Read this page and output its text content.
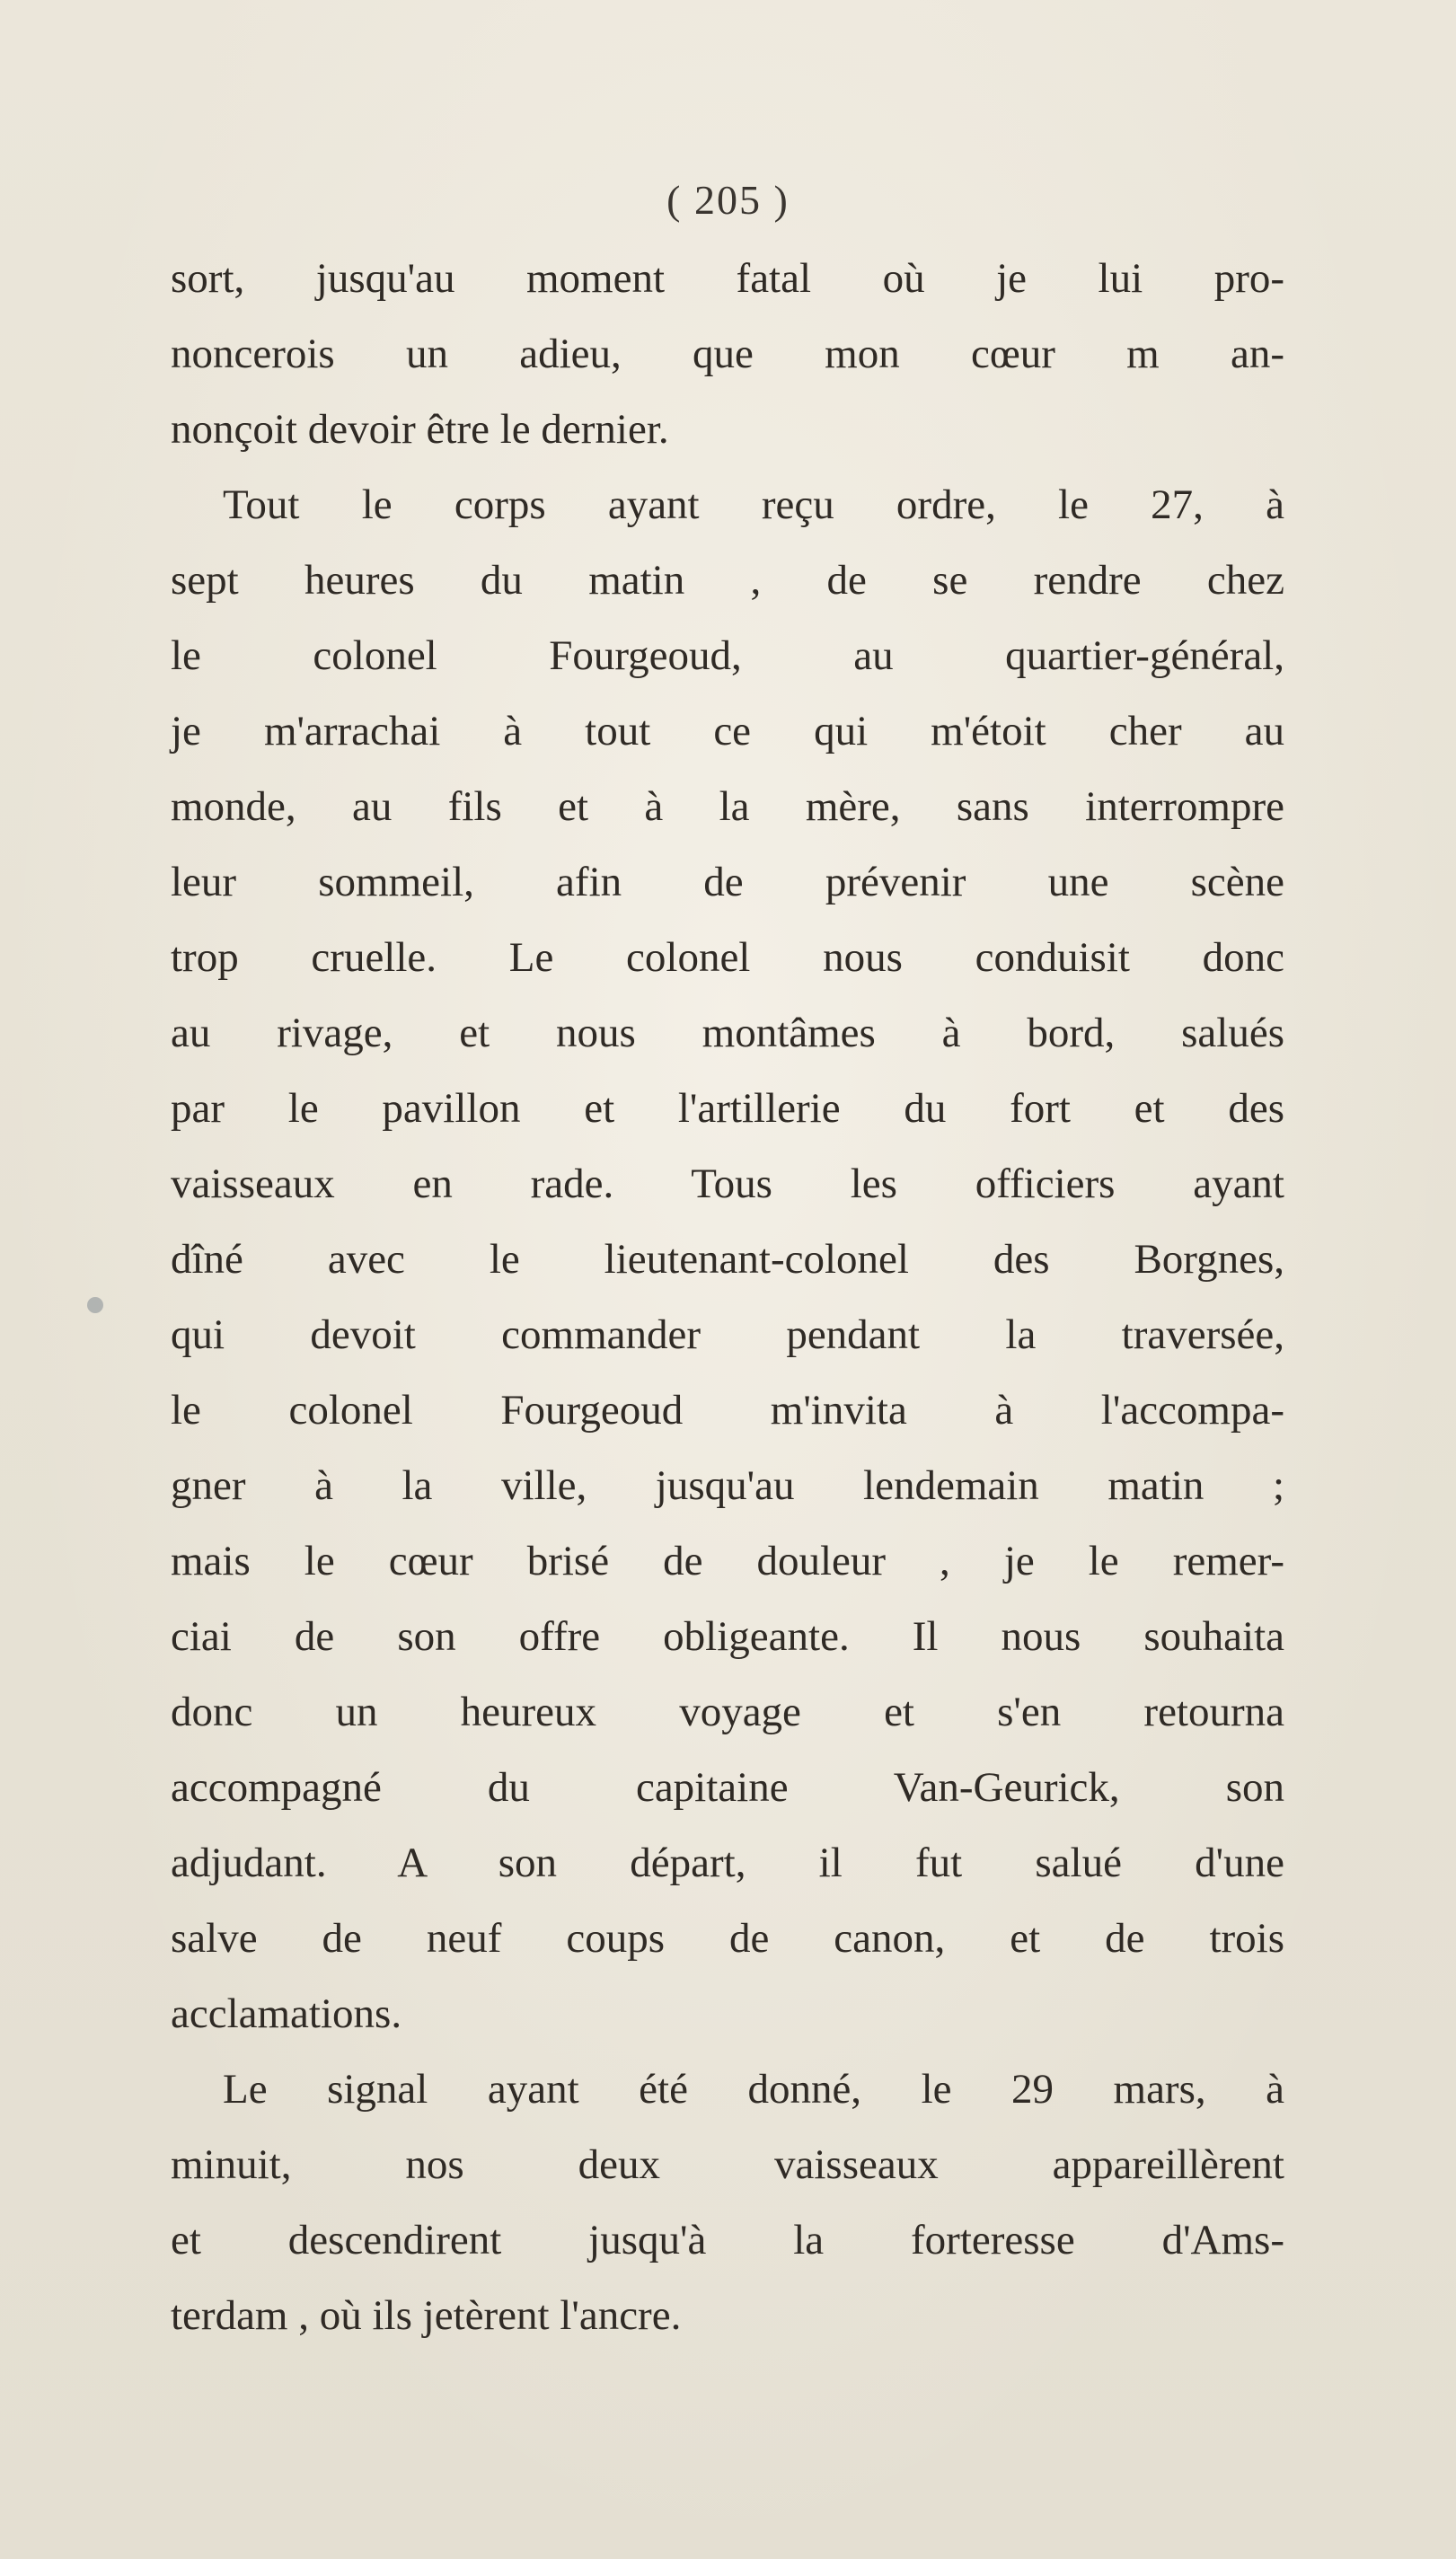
( 205 )
sort, jusqu'au moment fatal où je lui pro-
noncerois un adieu, que mon cœur m an-
nonçoit devoir être le dernier.
Tout le corps ayant reçu ordre, le 27, à
sept heures du matin , de se rendre chez
le colonel Fourgeoud, au quartier-général,
je m'arrachai à tout ce qui m'étoit cher au
monde, au fils et à la mère, sans interrompre
leur sommeil, afin de prévenir une scène
trop cruelle. Le colonel nous conduisit donc
au rivage, et nous montâmes à bord, salués
par le pavillon et l'artillerie du fort et des
vaisseaux en rade. Tous les officiers ayant
dîné avec le lieutenant-colonel des Borgnes,
qui devoit commander pendant la traversée,
le colonel Fourgeoud m'invita à l'accompa-
gner à la ville, jusqu'au lendemain matin ;
mais le cœur brisé de douleur , je le remer-
ciai de son offre obligeante. Il nous souhaita
donc un heureux voyage et s'en retourna
accompagné du capitaine Van-Geurick, son
adjudant. A son départ, il fut salué d'une
salve de neuf coups de canon, et de trois
acclamations.
Le signal ayant été donné, le 29 mars, à
minuit, nos deux vaisseaux appareillèrent
et descendirent jusqu'à la forteresse d'Ams-
terdam , où ils jetèrent l'ancre.
